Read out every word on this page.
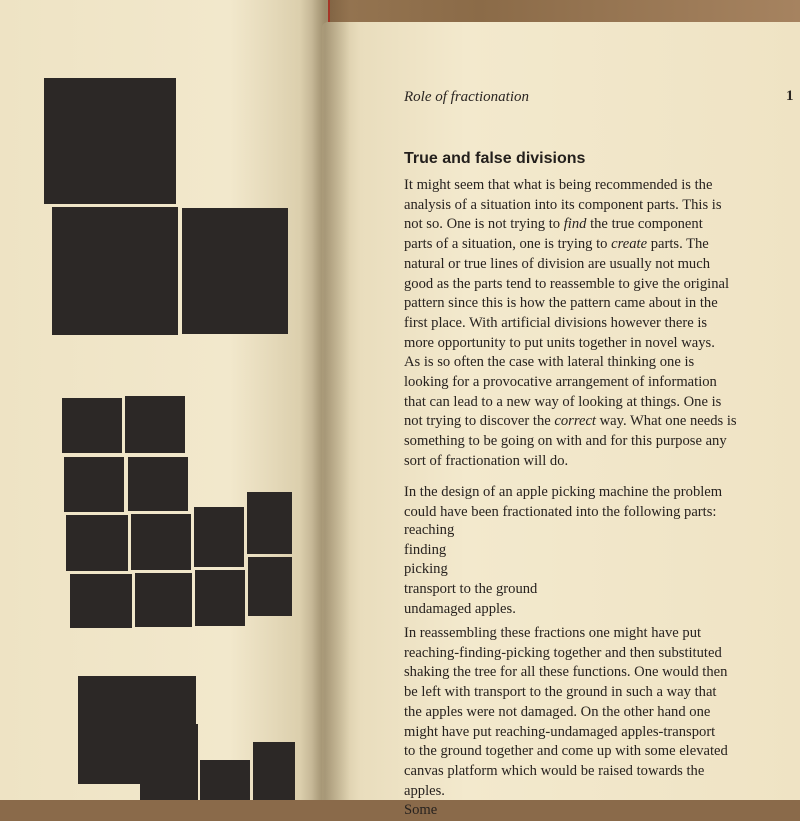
Role of fractionation	1

True and false divisions

It might seem that what is being recommended is the

analysis of a situation into its component parts. This is

not so. One is not trying to find the true component

parts of a situation, one is trying to create parts. The

natural or true lines of division are usually not much

good as the parts tend to reassemble to give the original

pattern since this is how the pattern came about in the

first place. With artificial divisions however there is

more opportunity to put units together in novel ways.

As is so often the case with lateral thinking one is

looking for a provocative arrangement of information

that can lead to a new way of looking at things. One is

not trying to discover the correct way. What one needs is

something to be going on with and for this purpose any

sort of fractionation will do.

In the design of an apple picking machine the problem

could have been fractionated into the following parts:

reaching

finding

picking

transport to the ground

undamaged apples.

In reassembling these fractions one might have put

reaching-finding-picking together and then substituted

shaking the tree for all these functions. One would then

be left with transport to the ground in such a way that

the apples were not damaged. On the other hand one

might have put reaching-undamaged apples-transport

to the ground together and come up with some elevated

canvas platform which would be raised towards the

apples.

Some
